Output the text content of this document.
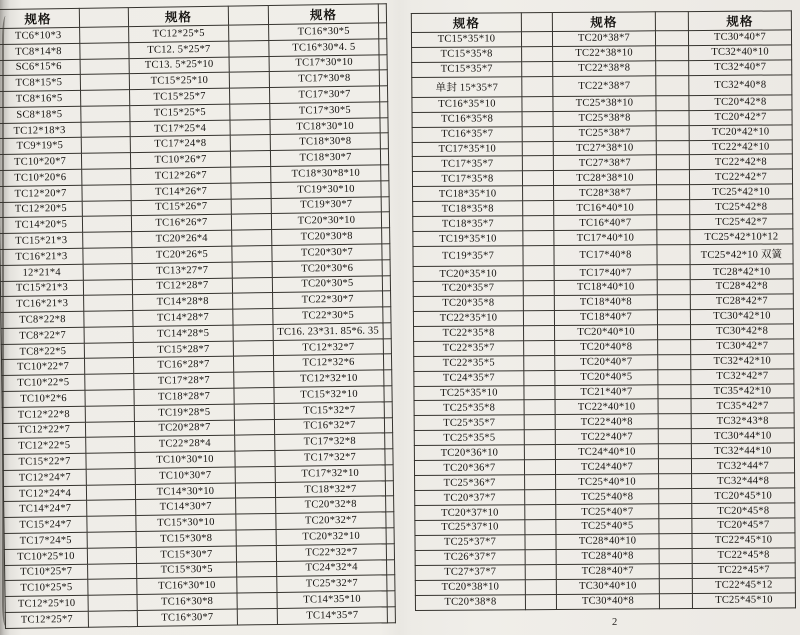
规格		规格		规格	
TC6*10*3		TC12*25*5		TC16*30*5	
TC8*14*8		TC12. 5*25*7		TC16*30*4. 5	
SC6*15*6		TC13. 5*25*10		TC17*30*10	
TC8*15*5		TC15*25*10		TC17*30*8	
TC8*16*5		TC15*25*7		TC17*30*7	
SC8*18*5		TC15*25*5		TC17*30*5	
TC12*18*3		TC17*25*4		TC18*30*10	
TC9*19*5		TC17*24*8		TC18*30*8	
TC10*20*7		TC10*26*7		TC18*30*7	
TC10*20*6		TC12*26*7		TC18*30*8*10	
TC12*20*7		TC14*26*7		TC19*30*10	
TC12*20*5		TC15*26*7		TC19*30*7	
TC14*20*5		TC16*26*7		TC20*30*10	
TC15*21*3		TC20*26*4		TC20*30*8	
TC16*21*3		TC20*26*5		TC20*30*7	
12*21*4		TC13*27*7		TC20*30*6	
TC15*21*3		TC12*28*7		TC20*30*5	
TC16*21*3		TC14*28*8		TC22*30*7	
TC8*22*8		TC14*28*7		TC22*30*5	
TC8*22*7		TC14*28*5		TC16. 23*31. 85*6. 35	
TC8*22*5		TC15*28*7		TC12*32*7	
TC10*22*7		TC16*28*7		TC12*32*6	
TC10*22*5		TC17*28*7		TC12*32*10	
TC10*2*6		TC18*28*7		TC15*32*10	
TC12*22*8		TC19*28*5		TC15*32*7	
TC12*22*7		TC20*28*7		TC16*32*7	
TC12*22*5		TC22*28*4		TC17*32*8	
TC15*22*7		TC10*30*10		TC17*32*7	
TC12*24*7		TC10*30*7		TC17*32*10	
TC12*24*4		TC14*30*10		TC18*32*7	
TC14*24*7		TC14*30*7		TC20*32*8	
TC15*24*7		TC15*30*10		TC20*32*7	
TC17*24*5		TC15*30*8		TC20*32*10	
TC10*25*10		TC15*30*7		TC22*32*7	
TC10*25*7		TC15*30*5		TC24*32*4	
TC10*25*5		TC16*30*10		TC25*32*7	
TC12*25*10		TC16*30*8		TC14*35*10	
TC12*25*7		TC16*30*7		TC14*35*7	
规格		规格		规格
TC15*35*10		TC20*38*7		TC30*40*7
TC15*35*8		TC22*38*10		TC32*40*10
TC15*35*7		TC22*38*8		TC32*40*7
单封 15*35*7		TC22*38*7		TC32*40*8
TC16*35*10		TC25*38*10		TC20*42*8
TC16*35*8		TC25*38*8		TC20*42*7
TC16*35*7		TC25*38*7		TC20*42*10
TC17*35*10		TC27*38*10		TC22*42*10
TC17*35*7		TC27*38*7		TC22*42*8
TC17*35*8		TC28*38*10		TC22*42*7
TC18*35*10		TC28*38*7		TC25*42*10
TC18*35*8		TC16*40*10		TC25*42*8
TC18*35*7		TC16*40*7		TC25*42*7
TC19*35*10		TC17*40*10		TC25*42*10*12
TC19*35*7		TC17*40*8		TC25*42*10 双簧
TC20*35*10		TC17*40*7		TC28*42*10
TC20*35*7		TC18*40*10		TC28*42*8
TC20*35*8		TC18*40*8		TC28*42*7
TC22*35*10		TC18*40*7		TC30*42*10
TC22*35*8		TC20*40*10		TC30*42*8
TC22*35*7		TC20*40*8		TC30*42*7
TC22*35*5		TC20*40*7		TC32*42*10
TC24*35*7		TC20*40*5		TC32*42*7
TC25*35*10		TC21*40*7		TC35*42*10
TC25*35*8		TC22*40*10		TC35*42*7
TC25*35*7		TC22*40*8		TC32*43*8
TC25*35*5		TC22*40*7		TC30*44*10
TC20*36*10		TC24*40*10		TC32*44*10
TC20*36*7		TC24*40*7		TC32*44*7
TC25*36*7		TC25*40*10		TC32*44*8
TC20*37*7		TC25*40*8		TC20*45*10
TC20*37*10		TC25*40*7		TC20*45*8
TC25*37*10		TC25*40*5		TC20*45*7
TC25*37*7		TC28*40*10		TC22*45*10
TC26*37*7		TC28*40*8		TC22*45*8
TC27*37*7		TC28*40*7		TC22*45*7
TC20*38*10		TC30*40*10		TC22*45*12
TC20*38*8		TC30*40*8		TC25*45*10
2
